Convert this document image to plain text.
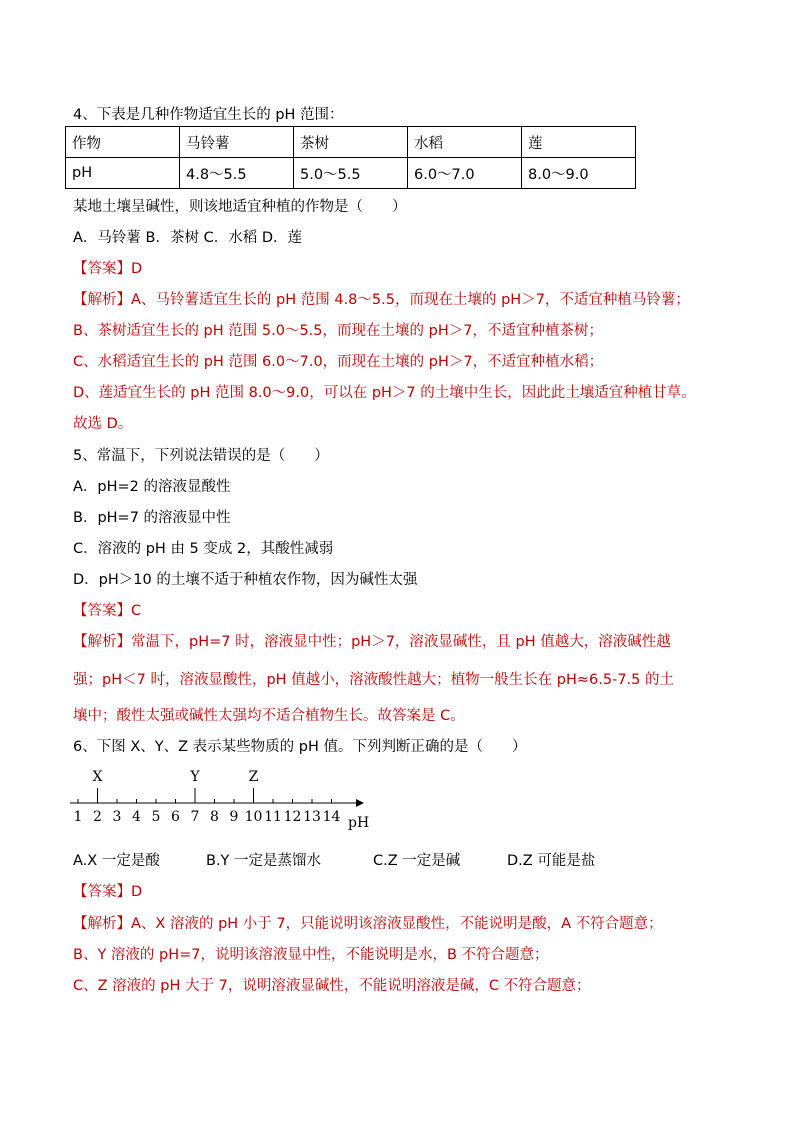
4、下表是几种作物适宜生长的 pH 范围：
作物	马铃薯	茶树	水稻	莲
pH	4.8～5.5	5.0～5.5	6.0～7.0	8.0～9.0
某地土壤呈碱性，则该地适宜种植的作物是（　　）
A．马铃薯 B．茶树 C．水稻 D．莲
【答案】D
【解析】A、马铃薯适宜生长的 pH 范围 4.8～5.5，而现在土壤的 pH＞7，不适宜种植马铃薯；
B、茶树适宜生长的 pH 范围 5.0～5.5，而现在土壤的 pH＞7，不适宜种植茶树；
C、水稻适宜生长的 pH 范围 6.0～7.0，而现在土壤的 pH＞7，不适宜种植水稻；
D、莲适宜生长的 pH 范围 8.0～9.0，可以在 pH＞7 的土壤中生长，因此此土壤适宜种植甘草。
故选 D。
5、常温下，下列说法错误的是（　　）
A．pH=2 的溶液显酸性
B．pH=7 的溶液显中性
C．溶液的 pH 由 5 变成 2，其酸性减弱
D．pH＞10 的土壤不适于种植农作物，因为碱性太强
【答案】C
【解析】常温下，pH=7 时，溶液显中性；pH＞7，溶液显碱性，且 pH 值越大，溶液碱性越
强；pH＜7 时，溶液显酸性，pH 值越小，溶液酸性越大；植物一般生长在 pH≈6.5-7.5 的土
壤中；酸性太强或碱性太强均不适合植物生长。故答案是 C。
6、下图 X、Y、Z 表示某些物质的 pH 值。下列判断正确的是（　　）
1 2 3 4 5 6 7 8 9 10 11 12 13 14
X	Y	Z
pH
A.X 一定是酸	B.Y 一定是蒸馏水	C.Z 一定是碱	D.Z 可能是盐
【答案】D
【解析】A、X 溶液的 pH 小于 7，只能说明该溶液显酸性，不能说明是酸，A 不符合题意；
B、Y 溶液的 pH=7，说明该溶液显中性，不能说明是水，B 不符合题意；
C、Z 溶液的 pH 大于 7，说明溶液显碱性，不能说明溶液是碱，C 不符合题意；
